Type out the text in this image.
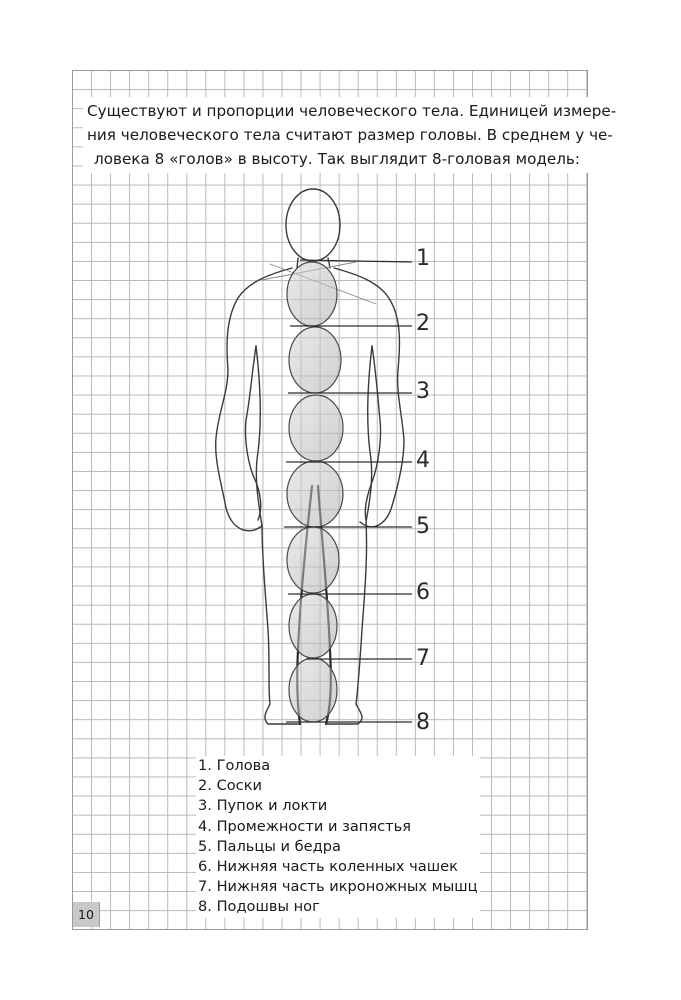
Существуют и пропорции человеческого тела. Единицей измере-
ния человеческого тела считают размер головы. В среднем у че-
ловека 8 «голов» в высоту. Так выглядит 8-головая модель:
1
2
3
4
5
6
7
8
1. Голова
2. Соски
3. Пупок и локти
4. Промежности и запястья
5. Пальцы и бедра
6. Нижняя часть коленных чашек
7. Нижняя часть икроножных мышц
8. Подошвы ног
10
